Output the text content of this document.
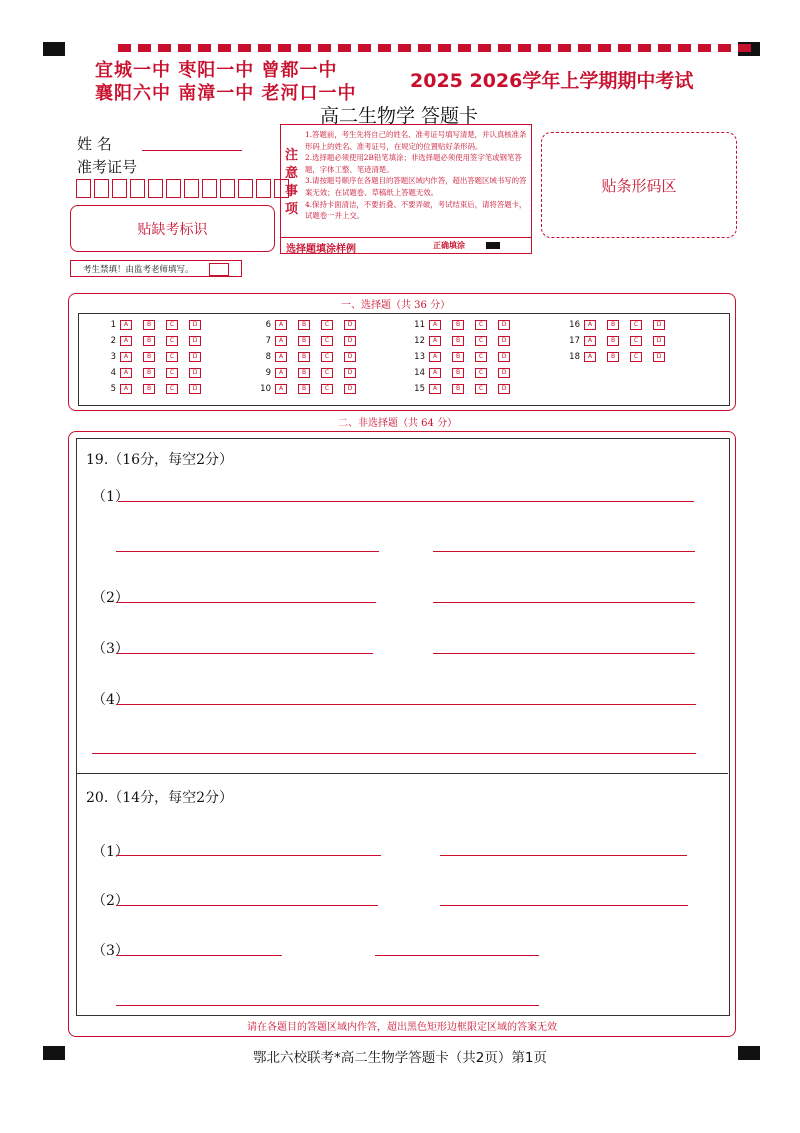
宜城一中 枣阳一中 曾都一中
襄阳六中 南漳一中 老河口一中
2025 2026学年上学期期中考试
高二生物学 答题卡
姓 名
准考证号
贴缺考标识
注
意
事
项
1.答题前，考生先将自己的姓名、准考证号填写清楚，并认真核准条形码上的姓名、准考证号，在规定的位置贴好条形码。
2.选择题必须使用2B铅笔填涂；非选择题必须使用签字笔或钢笔答题，字体工整、笔迹清楚。
3.请按题号顺序在各题目的答题区域内作答，超出答题区域书写的答案无效；在试题卷、草稿纸上答题无效。
4.保持卡面清洁，不要折叠、不要弄破，考试结束后，请将答题卡，试题卷一并上交。
选择题填涂样例	正确填涂
贴条形码区
考生禁填！由监考老师填写。
一、选择题（共 36 分）
1	A	B	C	D
2	A	B	C	D
3	A	B	C	D
4	A	B	C	D
5	A	B	C	D
6	A	B	C	D
7	A	B	C	D
8	A	B	C	D
9	A	B	C	D
10	A	B	C	D
11	A	B	C	D
12	A	B	C	D
13	A	B	C	D
14	A	B	C	D
15	A	B	C	D
16	A	B	C	D
17	A	B	C	D
18	A	B	C	D
二、非选择题（共 64 分）
19.（16分，每空2分）
（1）
（2）
（3）
（4）
20.（14分，每空2分）
（1）
（2）
（3）
请在各题目的答题区域内作答，超出黑色矩形边框限定区域的答案无效
鄂北六校联考*高二生物学答题卡（共2页）第1页
